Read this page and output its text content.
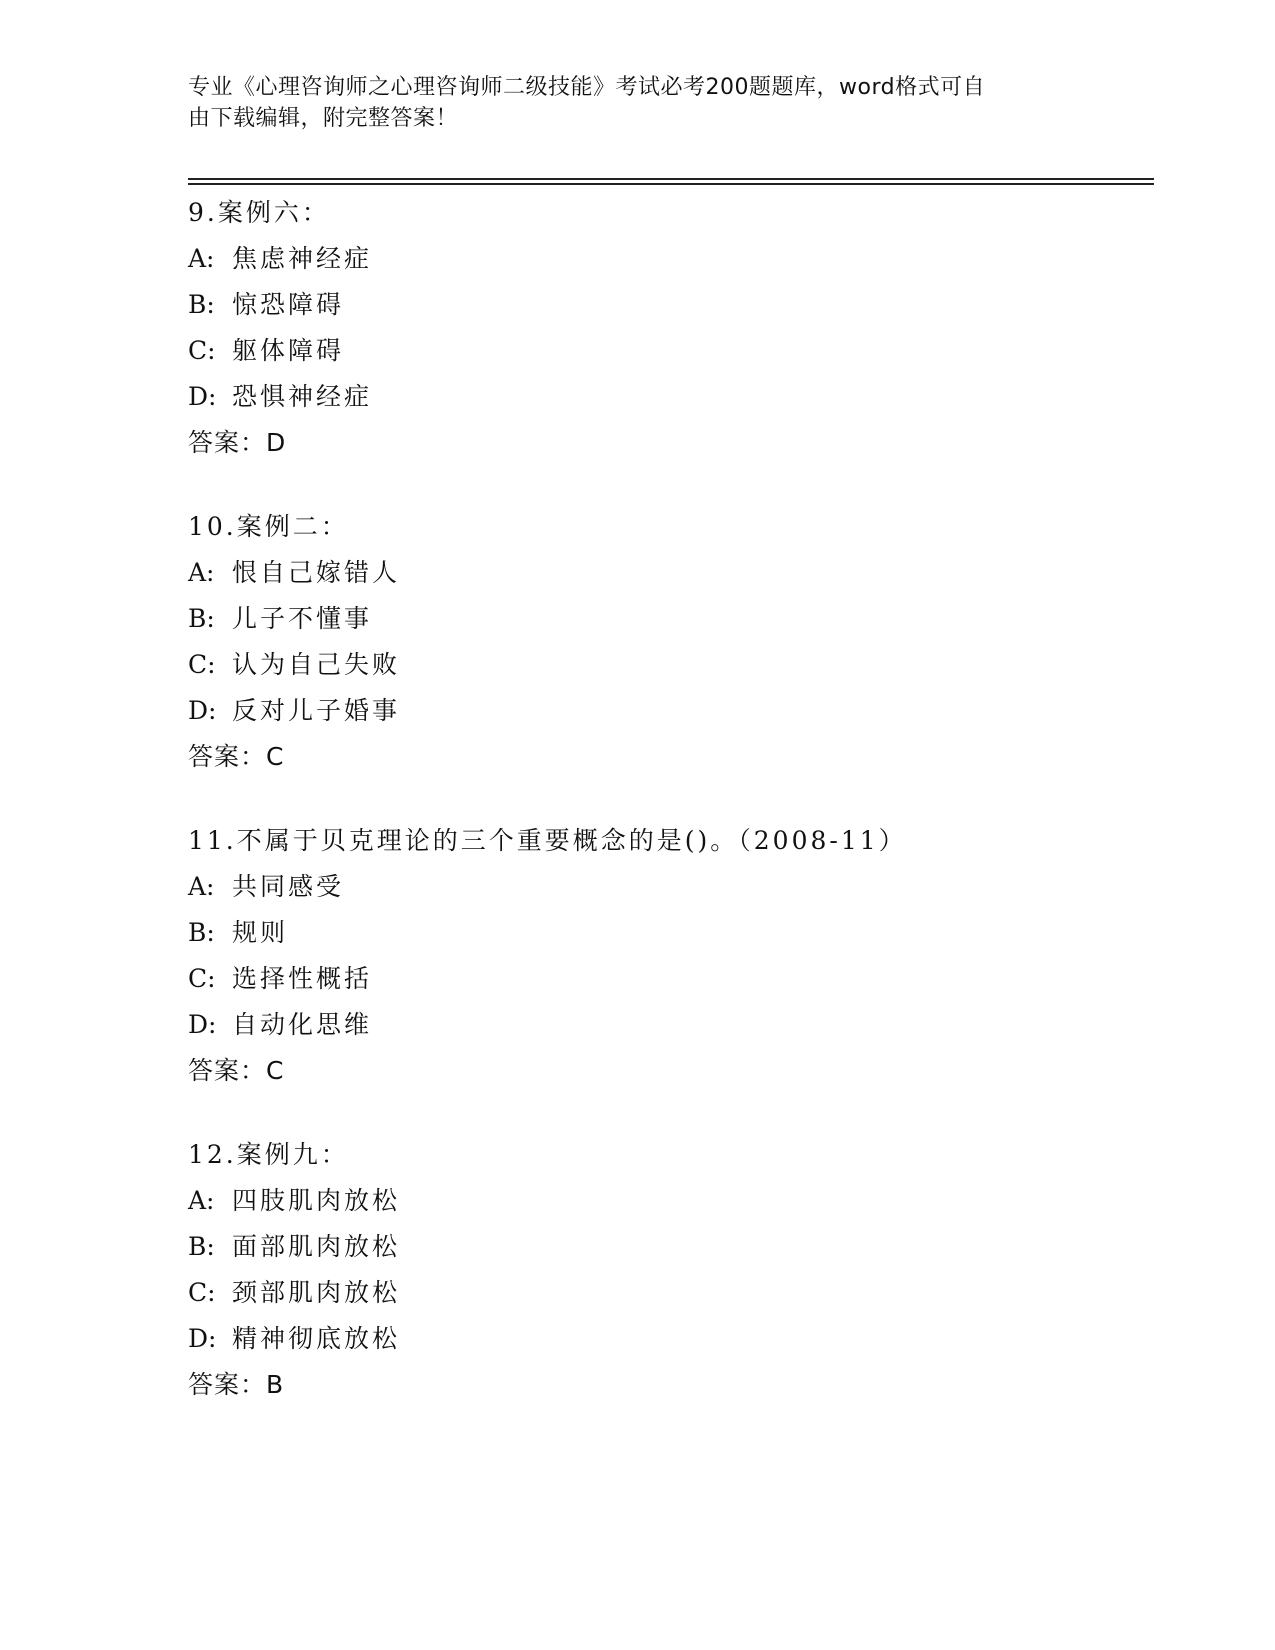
专业《心理咨询师之心理咨询师二级技能》考试必考200题题库，word格式可自
由下载编辑，附完整答案！
9.案例六：
A: 焦虑神经症
B: 惊恐障碍
C: 躯体障碍
D: 恐惧神经症
答案：D
10.案例二：
A: 恨自己嫁错人
B: 儿子不懂事
C: 认为自己失败
D: 反对儿子婚事
答案：C
11.不属于贝克理论的三个重要概念的是()。（2008-11）
A: 共同感受
B: 规则
C: 选择性概括
D: 自动化思维
答案：C
12.案例九：
A: 四肢肌肉放松
B: 面部肌肉放松
C: 颈部肌肉放松
D: 精神彻底放松
答案：B
